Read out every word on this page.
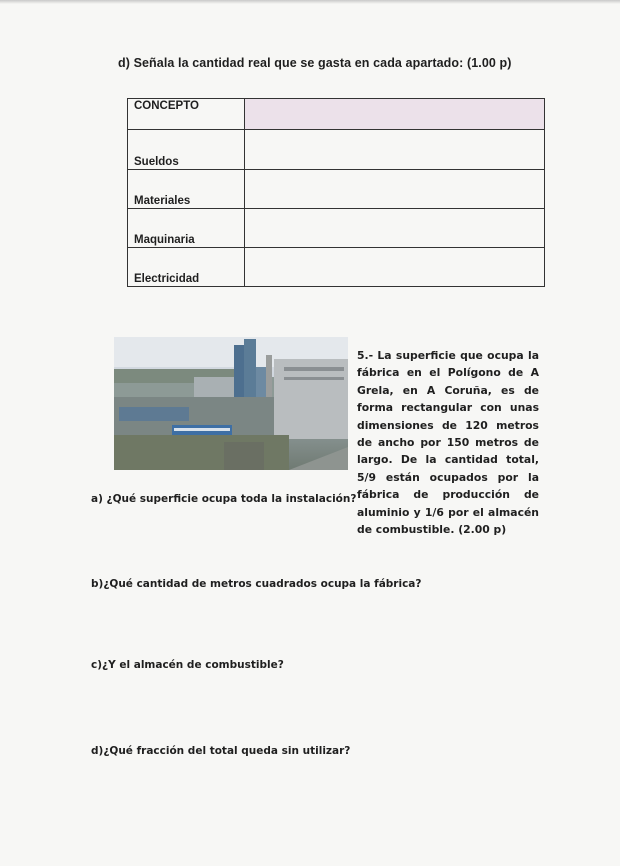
d) Señala la cantidad real que se gasta en cada apartado: (1.00 p)
CONCEPTO	
Sueldos	
Materiales	
Maquinaria	
Electricidad	
5.- La superficie que ocupa la fábrica en el Polígono de A Grela, en A Coruña, es de forma rectangular con unas dimensiones de 120 metros de ancho por 150 metros de largo. De la cantidad total, 5/9 están ocupados por la fábrica de producción de aluminio y 1/6 por el almacén de combustible. (2.00 p)
a) ¿Qué superficie ocupa toda la instalación?
b)¿Qué cantidad de metros cuadrados ocupa la fábrica?
c)¿Y el almacén de combustible?
d)¿Qué fracción del total queda sin utilizar?
